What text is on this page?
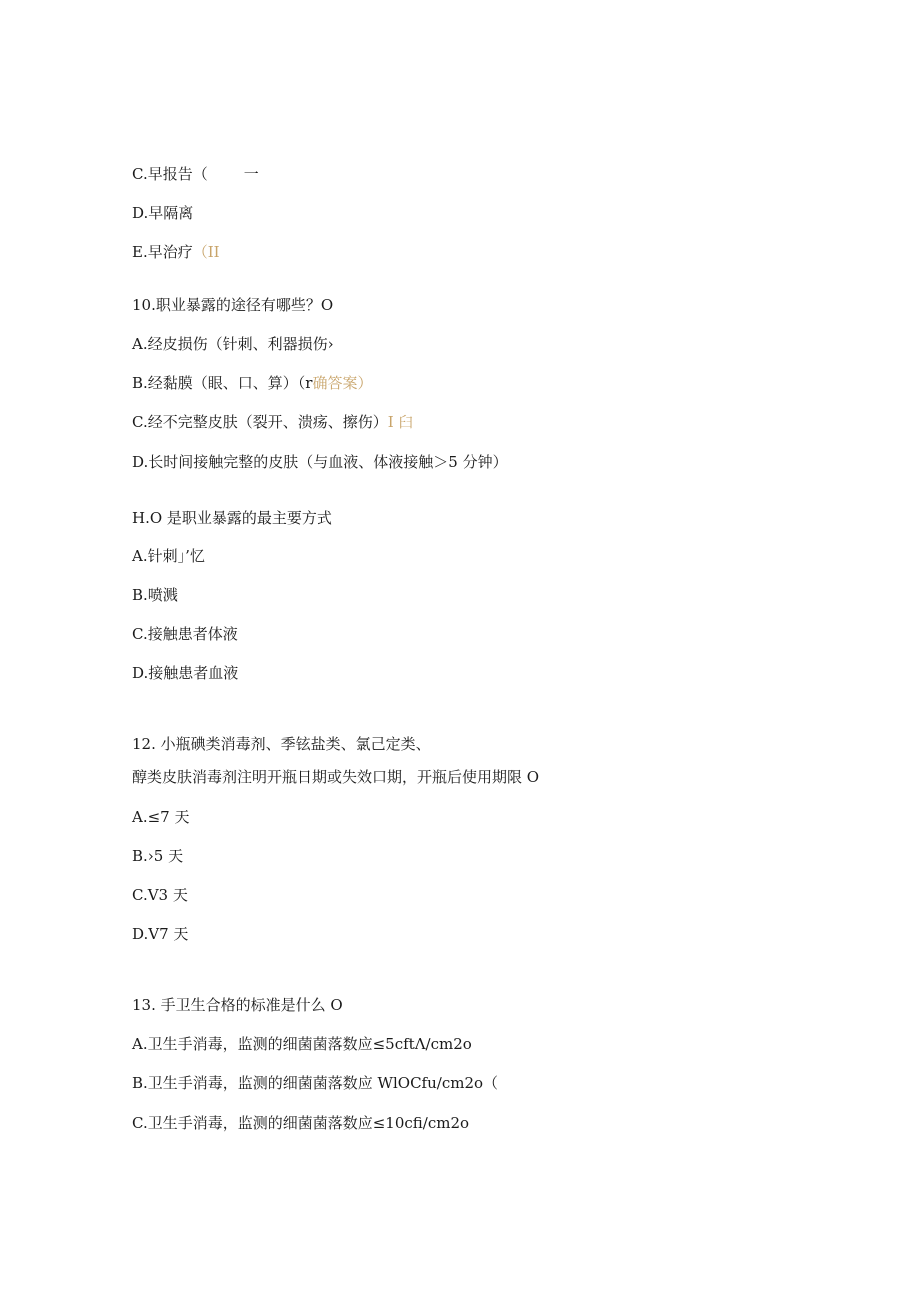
C.早报告（ 一
D.早隔离
E.早治疗（II
10.职业暴露的途径有哪些？O
A.经皮损伤（针刺、利器损伤›
B.经黏膜（眼、口、算）（r确答案）
C.经不完整皮肤（裂开、溃疡、擦伤）I 臼
D.长时间接触完整的皮肤（与血液、体液接触＞5 分钟）
H.O 是职业暴露的最主要方式
A.针刺」’忆
B.喷溅
C.接触患者体液
D.接触患者血液
12. 小瓶碘类消毒剂、季铉盐类、氯己定类、
醇类皮肤消毒剂注明开瓶日期或失效口期，开瓶后使用期限 O
A.≤7 天
B.›5 天
C.V3 天
D.V7 天
13. 手卫生合格的标准是什么 O
A.卫生手消毒，监测的细菌菌落数应≤5cftΛ∕cm2o
B.卫生手消毒，监测的细菌菌落数应 WlOCfu∕cm2o（
C.卫生手消毒，监测的细菌菌落数应≤10cfi∕cm2o
